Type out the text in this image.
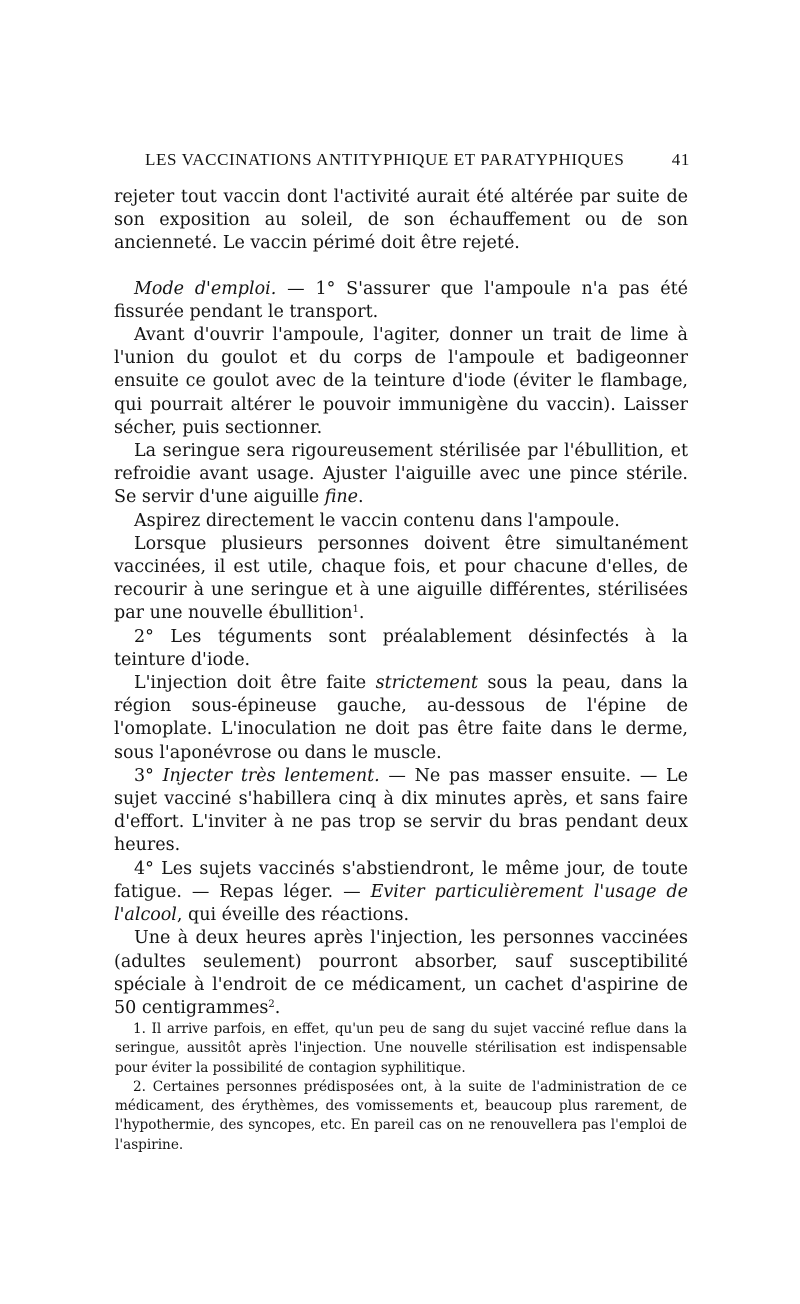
LES VACCINATIONS ANTITYPHIQUE ET PARATYPHIQUES	41

rejeter tout vaccin dont l'activité aurait été altérée par suite de son exposition au soleil, de son échauffement ou de son ancienneté. Le vaccin périmé doit être rejeté.

Mode d'emploi. — 1° S'assurer que l'ampoule n'a pas été fissurée pendant le transport.

Avant d'ouvrir l'ampoule, l'agiter, donner un trait de lime à l'union du goulot et du corps de l'ampoule et badigeonner ensuite ce goulot avec de la teinture d'iode (éviter le flambage, qui pourrait altérer le pouvoir immunigène du vaccin). Laisser sécher, puis sectionner.

La seringue sera rigoureusement stérilisée par l'ébullition, et refroidie avant usage. Ajuster l'aiguille avec une pince stérile. Se servir d'une aiguille fine.

Aspirez directement le vaccin contenu dans l'ampoule.

Lorsque plusieurs personnes doivent être simultanément vaccinées, il est utile, chaque fois, et pour chacune d'elles, de recourir à une seringue et à une aiguille différentes, stérilisées par une nouvelle ébullition$^1$.

2° Les téguments sont préalablement désinfectés à la teinture d'iode.

L'injection doit être faite strictement sous la peau, dans la région sous-épineuse gauche, au-dessous de l'épine de l'omoplate. L'inoculation ne doit pas être faite dans le derme, sous l'aponévrose ou dans le muscle.

3° Injecter très lentement. — Ne pas masser ensuite. — Le sujet vacciné s'habillera cinq à dix minutes après, et sans faire d'effort. L'inviter à ne pas trop se servir du bras pendant deux heures.

4° Les sujets vaccinés s'abstiendront, le même jour, de toute fatigue. — Repas léger. — Eviter particulièrement l'usage de l'alcool, qui éveille des réactions.

Une à deux heures après l'injection, les personnes vaccinées (adultes seulement) pourront absorber, sauf susceptibilité spéciale à l'endroit de ce médicament, un cachet d'aspirine de 50 centigrammes$^2$.

1. Il arrive parfois, en effet, qu'un peu de sang du sujet vacciné reflue dans la seringue, aussitôt après l'injection. Une nouvelle stérilisation est indispensable pour éviter la possibilité de contagion syphilitique.

2. Certaines personnes prédisposées ont, à la suite de l'administration de ce médicament, des érythèmes, des vomissements et, beaucoup plus rarement, de l'hypothermie, des syncopes, etc. En pareil cas on ne renouvellera pas l'emploi de l'aspirine.
